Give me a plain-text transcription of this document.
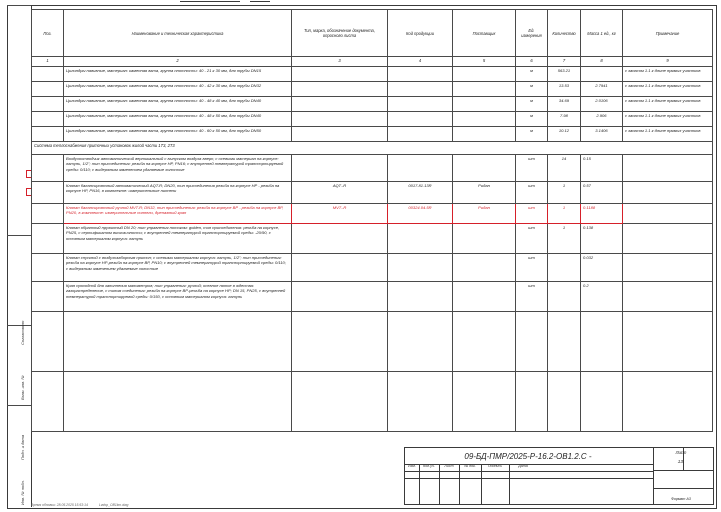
Согласовано
Взам. инв. №
Подп. и дата
Инв. № подл.
Поз.	Наименование и техническая характеристика	Тип, марка, обозначение документа, опросного листа	Код продукции	Поставщик	Ед. измерения	Количество	Масса 1 ед., кг	Примечание
1	2	3	4	5	6	7	8	9
	Цилиндры навивные, материал: каменная вата, группа плотности: 40 - 21 к 30 мм, для трубы DN15				м	563.21		с запасом 1.1 к длине прямых участков
	Цилиндры навивные, материал: каменная вата, группа плотности: 40 - 42 к 30 мм, для трубы DN32				м	13.53	2.7941	с запасом 1.1 к длине прямых участков
	Цилиндры навивные, материал: каменная вата, группа плотности: 40 - 48 к 40 мм, для трубы DN40				м	34.69	2.0106	с запасом 1.1 к длине прямых участков
	Цилиндры навивные, материал: каменная вата, группа плотности: 40 - 48 к 50 мм, для трубы DN40				м	7.98	2.906	с запасом 1.1 к длине прямых участков
	Цилиндры навивные, материал: каменная вата, группа плотности: 40 - 60 к 50 мм, для трубы DN50				м	10.12	3.1406	с запасом 1.1 к длине прямых участков
Система теплоснабжения приточных установок жилой части 1Т3, 2Т3								
	Воздухоотводчик автоматический вертикальный с выпуском воздуха вверх; с осевыми материал на корпусе: латунь, 1/2"; тип присоединения: резьба на корпусе HP, PN16; с внутренней температурой транспортируемой среды: 0/110; с выдержным заменением удаляемые холостые				шт	14	0.15	
	Клапан балансировочный автоматический AQT-R; DN20, тип присоединения резьба на корпусе HP - резьба на корпусе HP, PN16, в комплекте: измерительные ниппели	AQT.-R	0017.81.13R	Ридан	шт	1	0.57	
	Клапан балансировочный ручной MVT-R; DN32, тип присоединения: резьба на корпусе ВР - резьба на корпусе ВР, PN20, в комплекте: измерительные ниппели, дренажный кран	MVT.-R	00324.04.5R	Ридан	шт	1	0.1188	
	Клапан обратный пружинный DN 20; тип управления потоком: golden, тип присоединения: резьба на корпусе, PN25, с сертификатом вискозичности; с внутренней температурой транспортируемой среды: -20/90, с основным материалом корпуса: латунь				шт	1	0.138	
	Клапан спускной с воздухозаборным притоп; с осевыми материалом корпуса: латунь, 1/2"; тип присоединения: резьба на корпусе HP-резьба на корпусе ВР, PN10; с внутренней температурой транспортируемой среды: 0/110; с выдержным замечением удаляемые холостые				шт		0.032	
	Кран проходной для заполнения манометров; тип управления: ручной; осевное пятое в ждества: газораспределение, с типом соединения: резьба на корпусе ВР-резьба на корпусе HP; DN 15, PN25, с внутренней температурой транспортируемой среды: 0/150, с основным материалом корпуса: латунь				шт		0.2	

09-БД-ПМР/2025-Р-16.2-ОВ1.2.С -
Изм.	Кол.уч.	Лист	№ док.	Подпись	Дата
Лист
13.
Формат А3
Время обновки: 28.05.2025 15:53:14	Lvdop_ОВ1km.dwg
